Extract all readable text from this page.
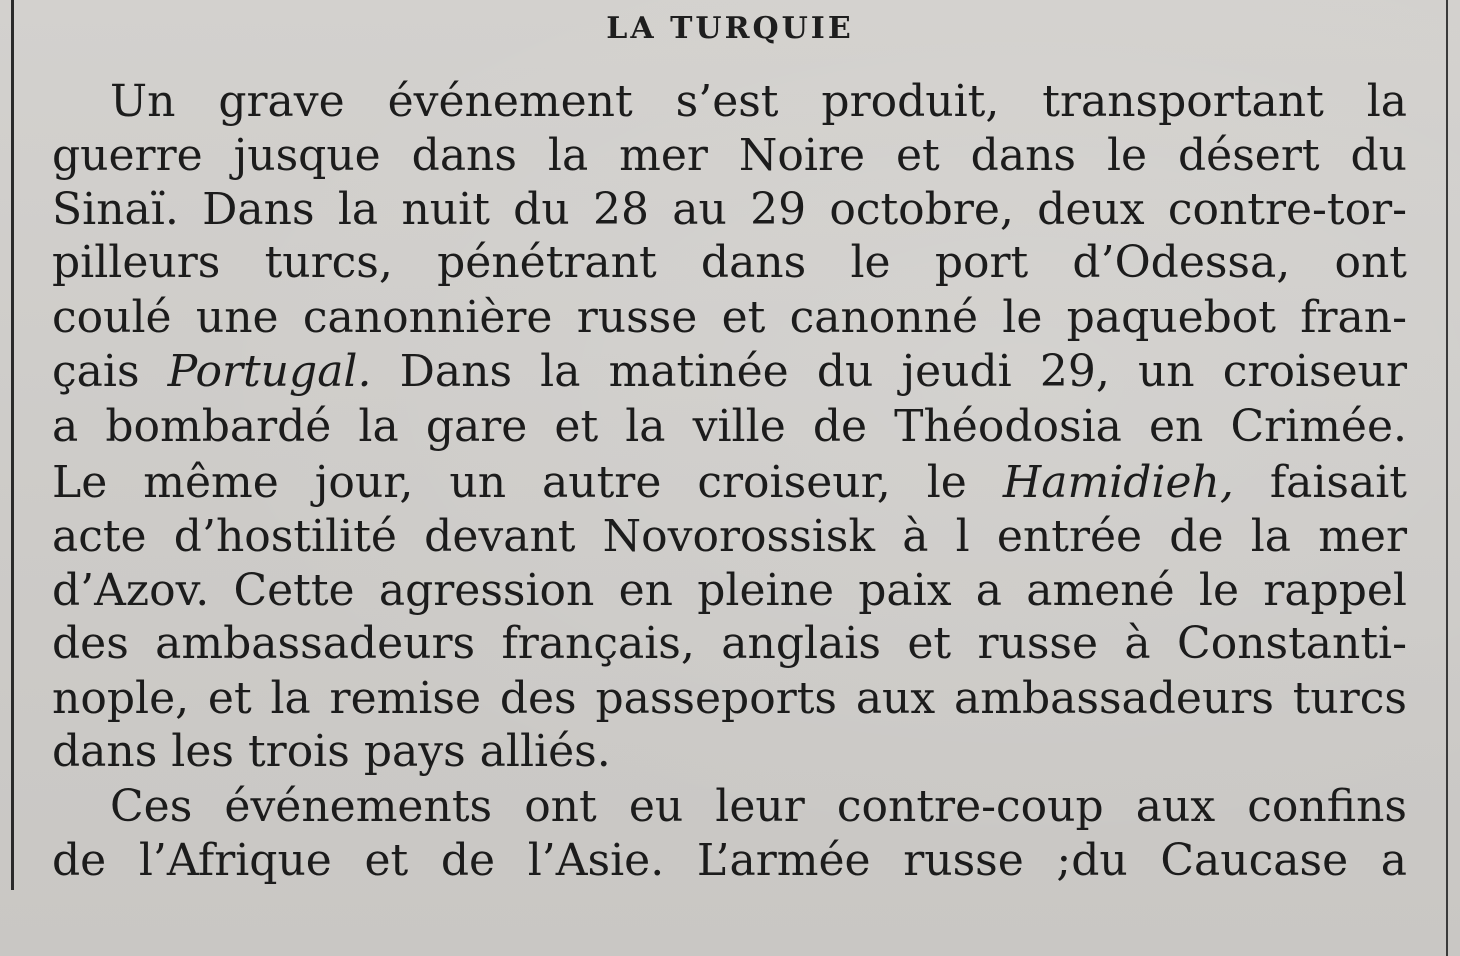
LA TURQUIE
Un grave événement s’est produit, transportant la
guerre jusque dans la mer Noire et dans le désert du
Sinaï. Dans la nuit du 28 au 29 octobre, deux contre-tor-
pilleurs turcs, pénétrant dans le port d’Odessa, ont
coulé une canonnière russe et canonné le paquebot fran-
çais Portugal. Dans la matinée du jeudi 29, un croiseur
a bombardé la gare et la ville de Théodosia en Crimée.
Le même jour, un autre croiseur, le Hamidieh, faisait
acte d’hostilité devant Novorossisk à l entrée de la mer
d’Azov. Cette agression en pleine paix a amené le rappel
des ambassadeurs français, anglais et russe à Constanti-
nople, et la remise des passeports aux ambassadeurs turcs
dans les trois pays alliés.
Ces événements ont eu leur contre-coup aux confins
de l’Afrique et de l’Asie. L’armée russe ;du Caucase a
